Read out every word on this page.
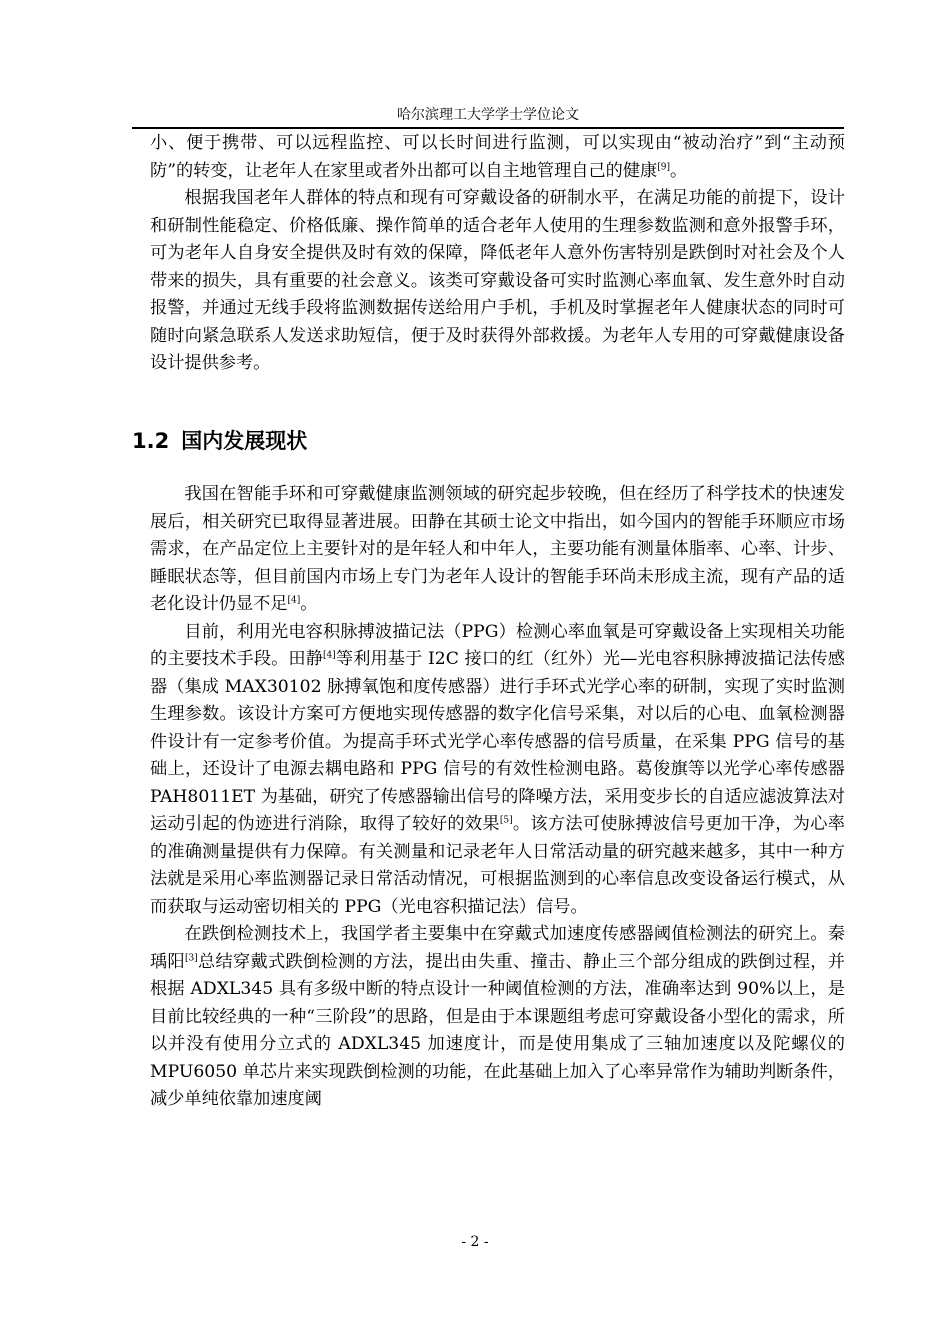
哈尔滨理工大学学士学位论文

小、便于携带、可以远程监控、可以长时间进行监测，可以实现由“被动治疗”到“主动预防”的转变，让老年人在家里或者外出都可以自主地管理自己的健康[9]。

根据我国老年人群体的特点和现有可穿戴设备的研制水平，在满足功能的前提下，设计和研制性能稳定、价格低廉、操作简单的适合老年人使用的生理参数监测和意外报警手环，可为老年人自身安全提供及时有效的保障，降低老年人意外伤害特别是跌倒时对社会及个人带来的损失，具有重要的社会意义。该类可穿戴设备可实时监测心率血氧、发生意外时自动报警，并通过无线手段将监测数据传送给用户手机，手机及时掌握老年人健康状态的同时可随时向紧急联系人发送求助短信，便于及时获得外部救援。为老年人专用的可穿戴健康设备设计提供参考。

1.2 国内发展现状

我国在智能手环和可穿戴健康监测领域的研究起步较晚，但在经历了科学技术的快速发展后，相关研究已取得显著进展。田静在其硕士论文中指出，如今国内的智能手环顺应市场需求，在产品定位上主要针对的是年轻人和中年人，主要功能有测量体脂率、心率、计步、睡眠状态等，但目前国内市场上专门为老年人设计的智能手环尚未形成主流，现有产品的适老化设计仍显不足[4]。

目前，利用光电容积脉搏波描记法（PPG）检测心率血氧是可穿戴设备上实现相关功能的主要技术手段。田静[4]等利用基于 I2C 接口的红（红外）光—光电容积脉搏波描记法传感器（集成 MAX30102 脉搏氧饱和度传感器）进行手环式光学心率的研制，实现了实时监测生理参数。该设计方案可方便地实现传感器的数字化信号采集，对以后的心电、血氧检测器件设计有一定参考价值。为提高手环式光学心率传感器的信号质量，在采集 PPG 信号的基础上，还设计了电源去耦电路和 PPG 信号的有效性检测电路。葛俊旗等以光学心率传感器 PAH8011ET 为基础，研究了传感器输出信号的降噪方法，采用变步长的自适应滤波算法对运动引起的伪迹进行消除，取得了较好的效果[5]。该方法可使脉搏波信号更加干净，为心率的准确测量提供有力保障。有关测量和记录老年人日常活动量的研究越来越多，其中一种方法就是采用心率监测器记录日常活动情况，可根据监测到的心率信息改变设备运行模式，从而获取与运动密切相关的 PPG（光电容积描记法）信号。

在跌倒检测技术上，我国学者主要集中在穿戴式加速度传感器阈值检测法的研究上。秦瑀阳[3]总结穿戴式跌倒检测的方法，提出由失重、撞击、静止三个部分组成的跌倒过程，并根据 ADXL345 具有多级中断的特点设计一种阈值检测的方法，准确率达到 90%以上，是目前比较经典的一种“三阶段”的思路，但是由于本课题组考虑可穿戴设备小型化的需求，所以并没有使用分立式的 ADXL345 加速度计，而是使用集成了三轴加速度以及陀螺仪的 MPU6050 单芯片来实现跌倒检测的功能，在此基础上加入了心率异常作为辅助判断条件，减少单纯依靠加速度阈

- 2 -
